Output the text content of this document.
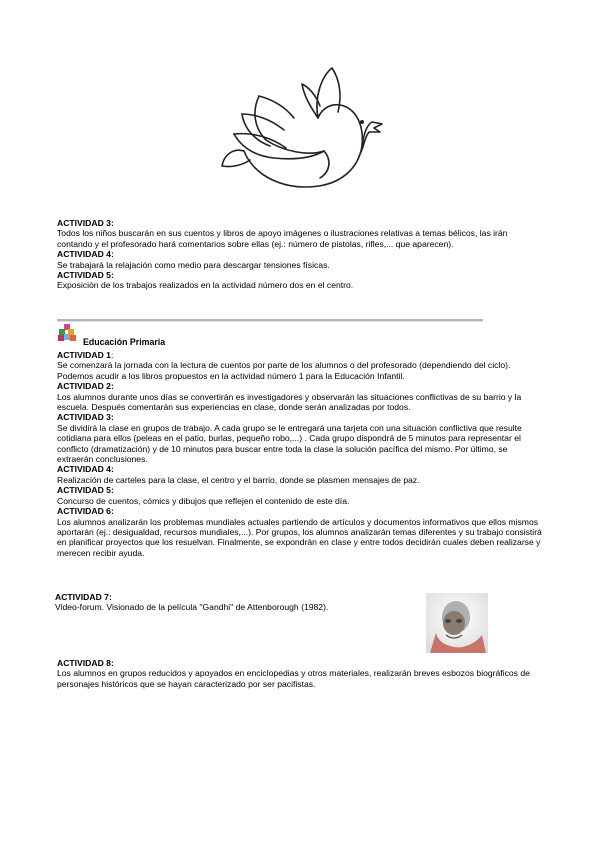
ACTIVIDAD 3:

Todos los niños buscarán en sus cuentos y libros de apoyo imágenes o ilustraciones relativas a temas bélicos, las irán contando y el profesorado hará comentarios sobre ellas (ej.: número de pistolas, rifles,... que aparecen).

ACTIVIDAD 4:

Se trabajará la relajación como medio para descargar tensiones físicas.

ACTIVIDAD 5:

Exposición de los trabajos realizados en la actividad número dos en el centro.

Educación Primaria

ACTIVIDAD 1:

Se comenzará la jornada con la lectura de cuentos por parte de los alumnos o del profesorado (dependiendo del ciclo). Podemos acudir a los libros propuestos en la actividad número 1 para la Educación Infantil.

ACTIVIDAD 2:

Los alumnos durante unos días se convertirán es investigadores y observarán las situaciones conflictivas de su barrio y la escuela. Después comentarán sus experiencias en clase, donde serán analizadas por todos.

ACTIVIDAD 3:

Se dividirá la clase en grupos de trabajo. A cada grupo se le entregará una tarjeta con una situación conflictiva que resulte cotidiana para ellos (peleas en el patio, burlas, pequeño robo,...) . Cada grupo dispondrá de 5 minutos para representar el conflicto (dramatización) y de 10 minutos para buscar entre toda la clase la solución pacífica del mismo. Por último, se extraerán conclusiones.

ACTIVIDAD 4:

Realización de carteles para la clase, el centro y el barrio, donde se plasmen mensajes de paz.

ACTIVIDAD 5:

Concurso de cuentos, cómics y dibujos que reflejen el contenido de este día.

ACTIVIDAD 6:

Los alumnos analizarán los problemas mundiales actuales partiendo de artículos y documentos informativos que ellos mismos aportarán (ej.: desigualdad, recursos mundiales,...). Por grupos, los alumnos analizarán temas diferentes y su trabajo consistirá en planificar proyectos que los resuelvan. Finalmente, se expondrán en clase y entre todos decidirán cuales deben realizarse y merecen recibir ayuda.

ACTIVIDAD 7:

Video-forum. Visionado de la película "Gandhi" de Attenborough (1982).

ACTIVIDAD 8:

Los alumnos en grupos reducidos y apoyados en enciclopedias y otros materiales, realizarán breves esbozos biográficos de personajes históricos que se hayan caracterizado por ser pacifistas.
